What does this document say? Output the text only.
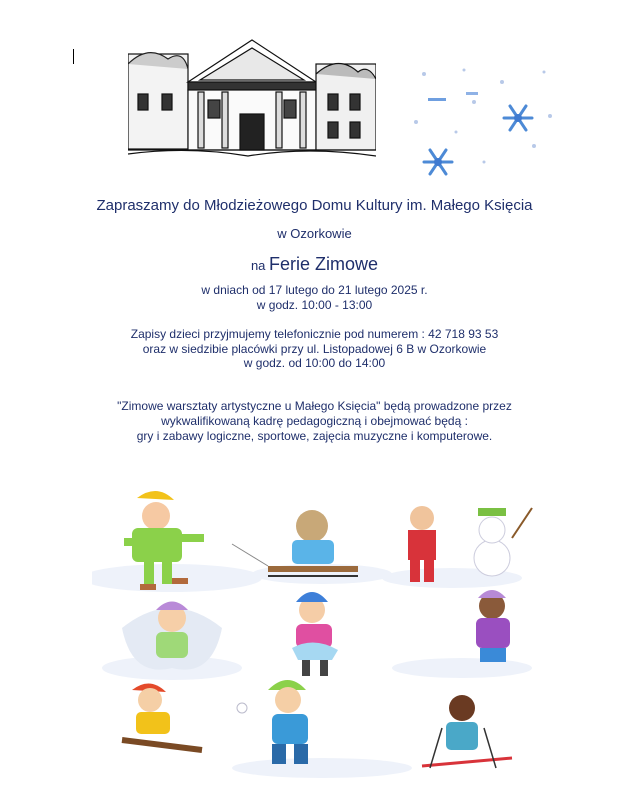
Zapraszamy do Młodzieżowego Domu Kultury im. Małego Księcia
w Ozorkowie
na Ferie Zimowe
w dniach od 17 lutego do 21 lutego 2025 r.
w godz. 10:00 - 13:00
Zapisy dzieci przyjmujemy telefonicznie pod numerem : 42 718 93 53
oraz w siedzibie placówki przy ul. Listopadowej 6 B w Ozorkowie
w godz. od 10:00 do 14:00
"Zimowe warsztaty artystyczne u Małego Księcia" będą prowadzone przez
wykwalifikowaną kadrę pedagogiczną i obejmować będą :
gry i zabawy logiczne, sportowe, zajęcia muzyczne i komputerowe.
